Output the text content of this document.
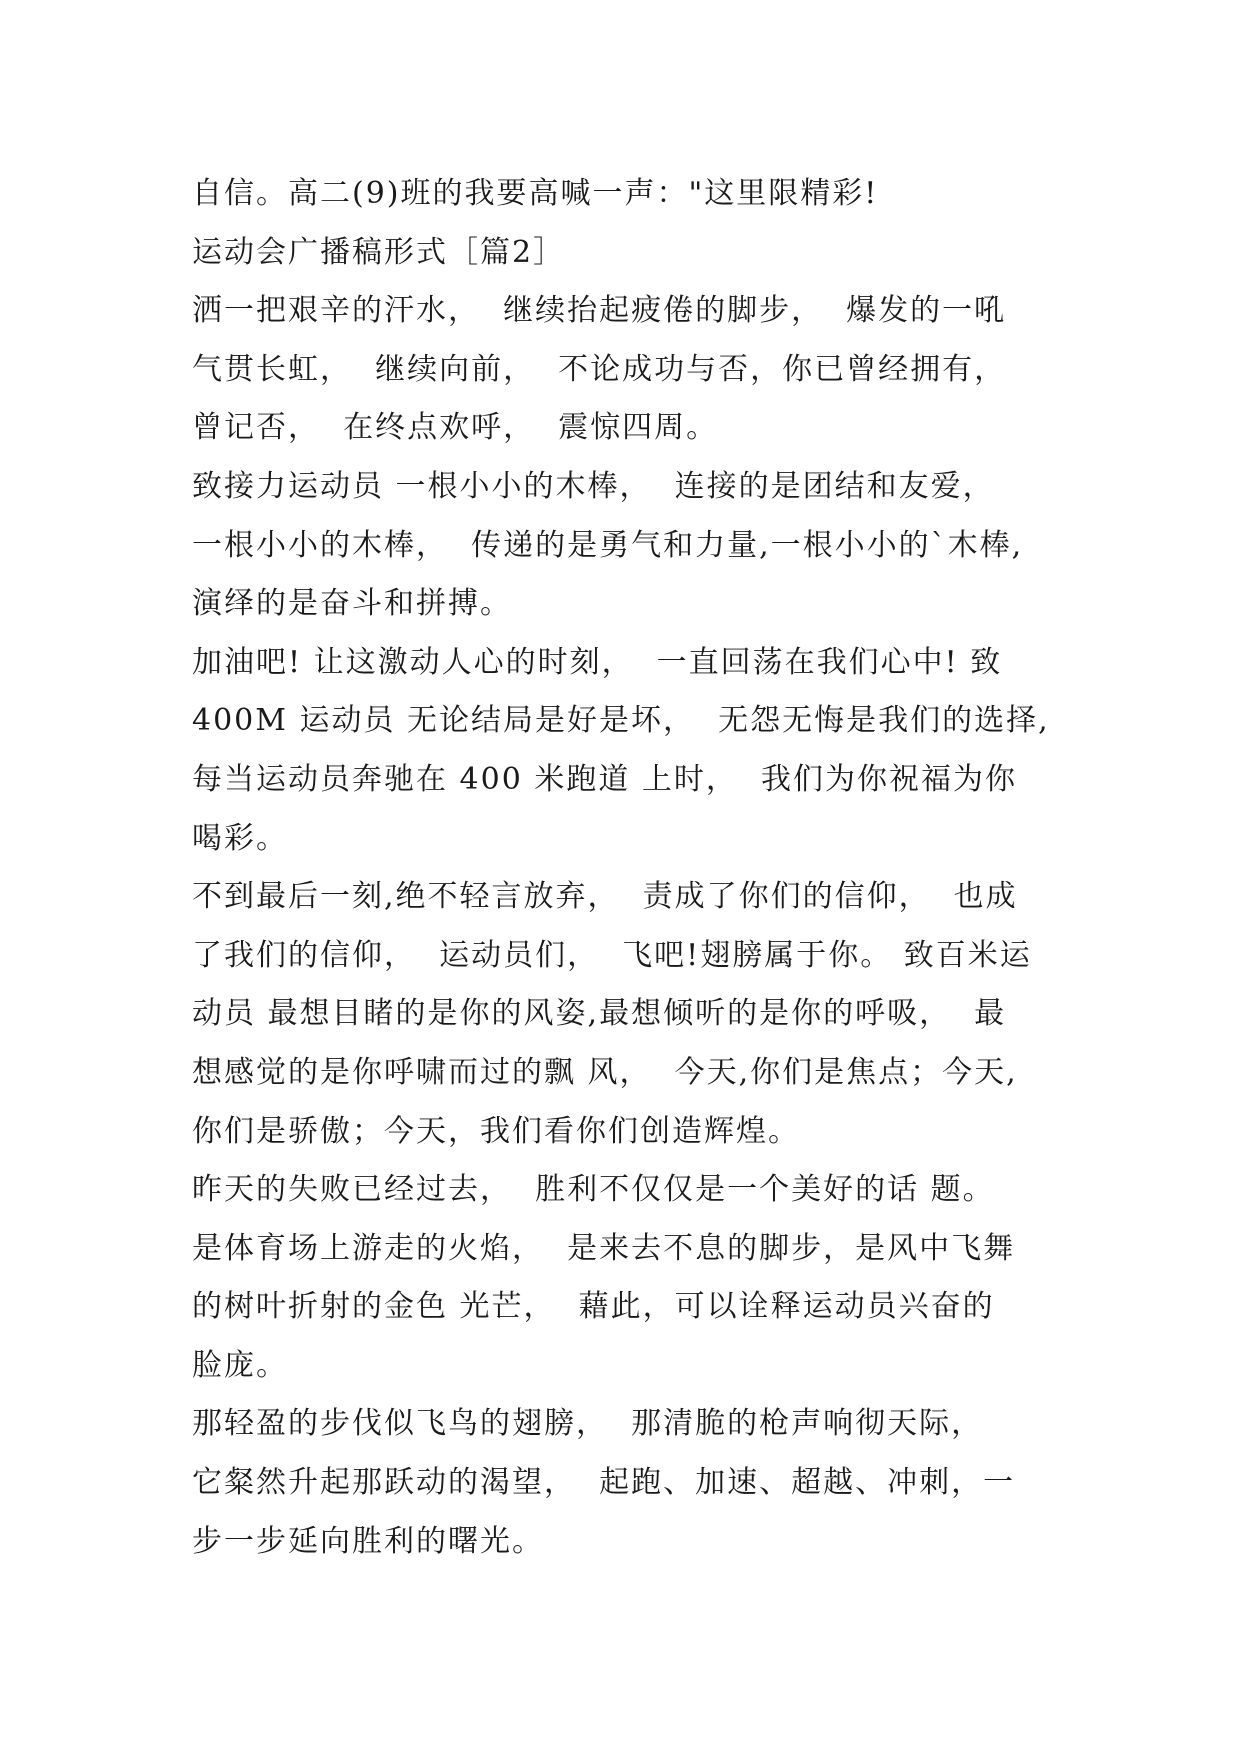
自信。高二(9)班的我要高喊一声："这里限精彩!
运动会广播稿形式［篇2］
洒一把艰辛的汗水，  继续抬起疲倦的脚步，  爆发的一吼
气贯长虹，  继续向前，  不论成功与否，你已曾经拥有，
曾记否，  在终点欢呼，  震惊四周。
致接力运动员 一根小小的木棒，  连接的是团结和友爱，
一根小小的木棒，  传递的是勇气和力量,一根小小的`木棒,
演绎的是奋斗和拼搏。
加油吧! 让这激动人心的时刻，  一直回荡在我们心中! 致
400M 运动员 无论结局是好是坏，  无怨无悔是我们的选择,
每当运动员奔驰在 400 米跑道 上时，  我们为你祝福为你
喝彩。
不到最后一刻,绝不轻言放弃，  责成了你们的信仰，  也成
了我们的信仰，  运动员们，  飞吧!翅膀属于你。 致百米运
动员 最想目睹的是你的风姿,最想倾听的是你的呼吸，  最
想感觉的是你呼啸而过的飘 风，  今天,你们是焦点；今天,
你们是骄傲；今天，我们看你们创造辉煌。
昨天的失败已经过去，  胜利不仅仅是一个美好的话 题。
是体育场上游走的火焰，  是来去不息的脚步，是风中飞舞
的树叶折射的金色 光芒，  藉此，可以诠释运动员兴奋的
脸庞。
那轻盈的步伐似飞鸟的翅膀，  那清脆的枪声响彻天际，
它粲然升起那跃动的渴望，  起跑、加速、超越、冲刺，一
步一步延向胜利的曙光。
